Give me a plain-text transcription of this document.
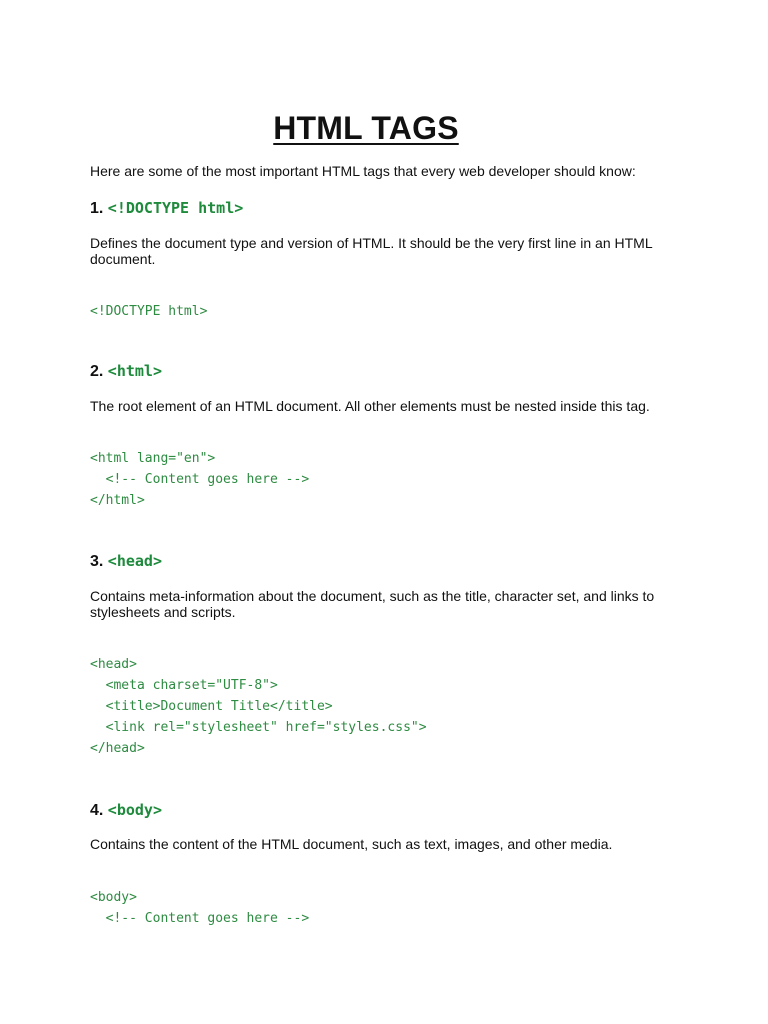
HTML TAGS

Here are some of the most important HTML tags that every web developer should know:

1. <!DOCTYPE html>

Defines the document type and version of HTML. It should be the very first line in an HTML document.

<!DOCTYPE html>
2. <html>

The root element of an HTML document. All other elements must be nested inside this tag.

<html lang="en">
<!-- Content goes here -->
</html>
3. <head>

Contains meta-information about the document, such as the title, character set, and links to stylesheets and scripts.

<head>
<meta charset="UTF-8">
<title>Document Title</title>
<link rel="stylesheet" href="styles.css">
</head>
4. <body>

Contains the content of the HTML document, such as text, images, and other media.

<body>
<!-- Content goes here -->
